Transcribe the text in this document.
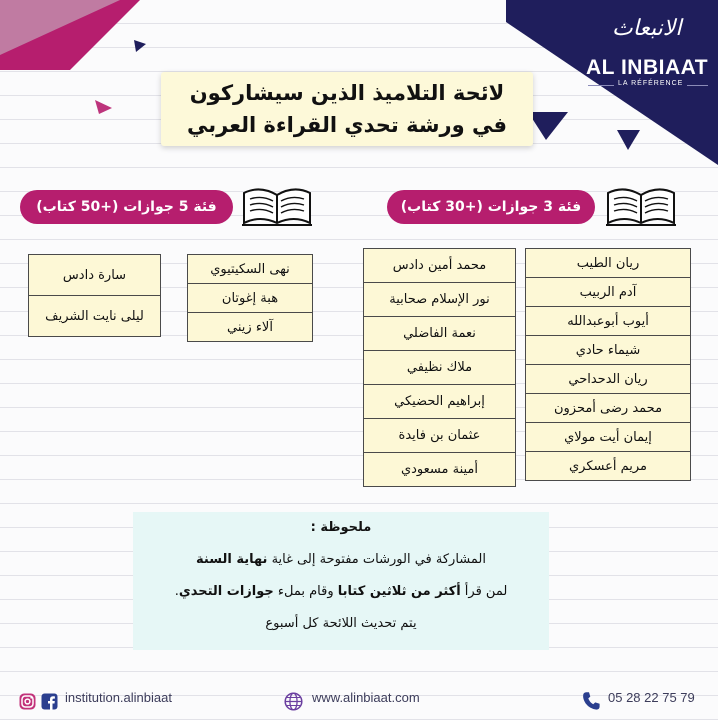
الانبعاث
AL INBIAAT
LA RÉFÉRENCE
لائحة التلاميذ الذين سيشاركون
في ورشة تحدي القراءة العربي
فئة 3 جوازات (+30 كتاب)
فئة 5 جوازات (+50 كتاب)
ريان الطيب
آدم الربيب
أيوب أبوعبدالله
شيماء حادي
ريان الدحداحي
محمد رضى أمحزون
إيمان أيت مولاي
مريم أعسكري
محمد أمين دادس
نور الإسلام صحابية
نعمة الفاضلي
ملاك نظيفي
إبراهيم الحضيكي
عثمان بن فايدة
أمينة مسعودي
نهى السكيتيوي
هبة إغوتان
آلاء زيني
سارة دادس
ليلى نايت الشريف
ملحوظة :
المشاركة في الورشات مفتوحة إلى غاية نهاية السنة
لمن قرأ أكثر من ثلاثين كتابا وقام بملء جوازات التحدي.
يتم تحديث اللائحة كل أسبوع
institution.alinbiaat	www.alinbiaat.com	05 28 22 75 79
